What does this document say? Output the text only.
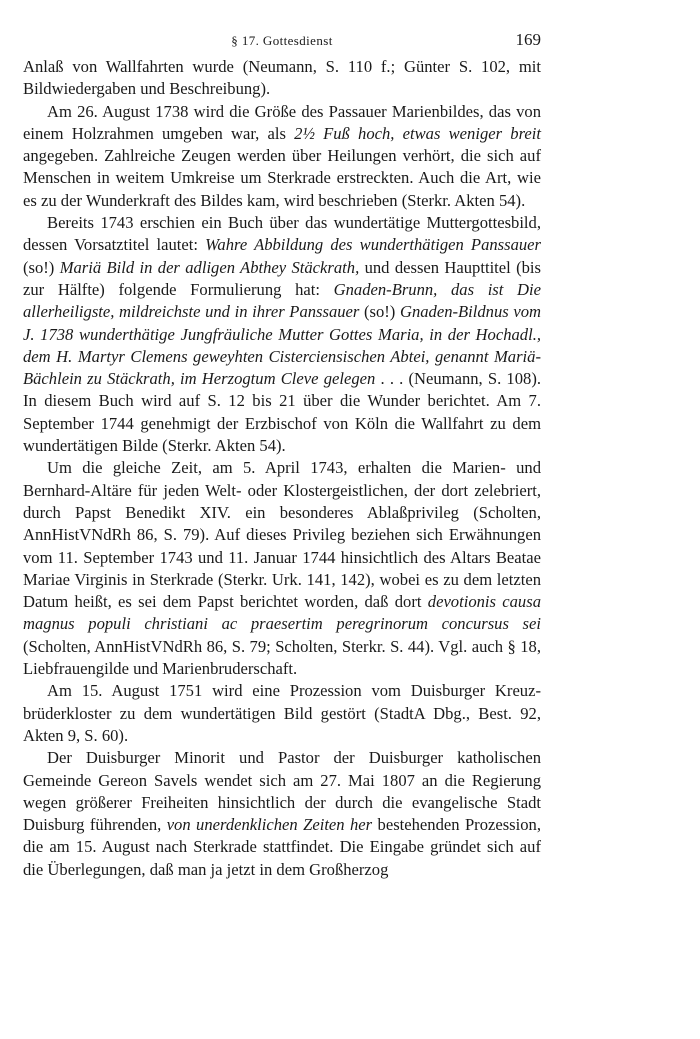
§ 17. Gottesdienst	169

Anlaß von Wallfahrten wurde (Neumann, S. 110 f.; Günter S. 102, mit Bildwiedergaben und Beschreibung).

Am 26. August 1738 wird die Größe des Passauer Marienbildes, das von einem Holzrahmen umgeben war, als 2½ Fuß hoch, etwas weniger breit angegeben. Zahlreiche Zeugen werden über Heilungen verhört, die sich auf Menschen in weitem Umkreise um Sterkrade erstreckten. Auch die Art, wie es zu der Wunderkraft des Bildes kam, wird beschrieben (Sterkr. Akten 54).

Bereits 1743 erschien ein Buch über das wundertätige Muttergottesbild, dessen Vorsatztitel lautet: Wahre Abbildung des wunderthätigen Panssauer (so!) Mariä Bild in der adligen Abthey Stäckrath, und dessen Haupttitel (bis zur Hälfte) folgende Formulierung hat: Gnaden-Brunn, das ist Die allerheiligste, mildreichste und in ihrer Panssauer (so!) Gnaden-Bildnus vom J. 1738 wunderthätige Jungfräuliche Mutter Gottes Maria, in der Hochadl., dem H. Martyr Clemens geweyhten Cisterciensischen Abtei, genannt Mariä-Bächlein zu Stäckrath, im Herzogtum Cleve gelegen . . . (Neumann, S. 108). In diesem Buch wird auf S. 12 bis 21 über die Wunder berichtet. Am 7. September 1744 genehmigt der Erzbischof von Köln die Wallfahrt zu dem wundertätigen Bilde (Sterkr. Akten 54).

Um die gleiche Zeit, am 5. April 1743, erhalten die Marien- und Bernhard-Altäre für jeden Welt- oder Klostergeistlichen, der dort zelebriert, durch Papst Benedikt XIV. ein besonderes Ablaßprivileg (Scholten, AnnHistVNdRh 86, S. 79). Auf dieses Privileg beziehen sich Erwähnungen vom 11. September 1743 und 11. Januar 1744 hinsichtlich des Altars Beatae Mariae Virginis in Sterkrade (Sterkr. Urk. 141, 142), wobei es zu dem letzten Datum heißt, es sei dem Papst berichtet worden, daß dort devotionis causa magnus populi christiani ac praesertim peregrinorum concursus sei (Scholten, AnnHistVNdRh 86, S. 79; Scholten, Sterkr. S. 44). Vgl. auch § 18, Liebfrauengilde und Marienbruderschaft.

Am 15. August 1751 wird eine Prozession vom Duisburger Kreuzbrüderkloster zu dem wundertätigen Bild gestört (StadtA Dbg., Best. 92, Akten 9, S. 60).

Der Duisburger Minorit und Pastor der Duisburger katholischen Gemeinde Gereon Savels wendet sich am 27. Mai 1807 an die Regierung wegen größerer Freiheiten hinsichtlich der durch die evangelische Stadt Duisburg führenden, von unerdenklichen Zeiten her bestehenden Prozession, die am 15. August nach Sterkrade stattfindet. Die Eingabe gründet sich auf die Überlegungen, daß man ja jetzt in dem Großherzog
